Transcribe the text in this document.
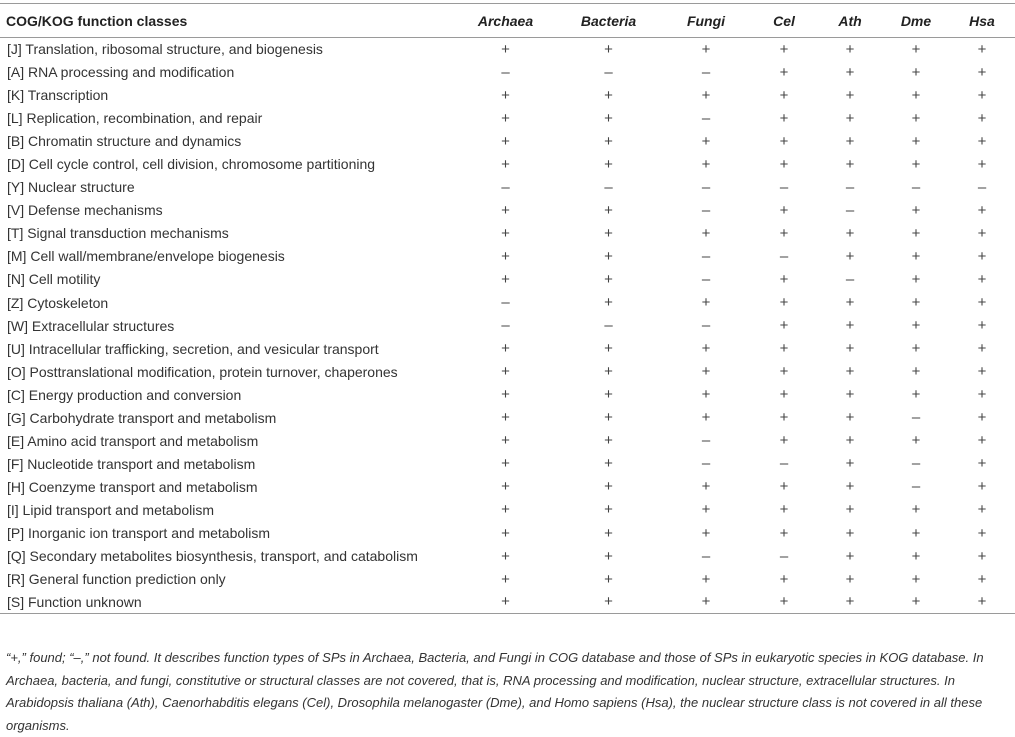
COG/KOG function classes	Archaea	Bacteria	Fungi	Cel	Ath	Dme	Hsa
[J] Translation, ribosomal structure, and biogenesis	+	+	+	+	+	+	+
[A] RNA processing and modification	–	–	–	+	+	+	+
[K] Transcription	+	+	+	+	+	+	+
[L] Replication, recombination, and repair	+	+	–	+	+	+	+
[B] Chromatin structure and dynamics	+	+	+	+	+	+	+
[D] Cell cycle control, cell division, chromosome partitioning	+	+	+	+	+	+	+
[Y] Nuclear structure	–	–	–	–	–	–	–
[V] Defense mechanisms	+	+	–	+	–	+	+
[T] Signal transduction mechanisms	+	+	+	+	+	+	+
[M] Cell wall/membrane/envelope biogenesis	+	+	–	–	+	+	+
[N] Cell motility	+	+	–	+	–	+	+
[Z] Cytoskeleton	–	+	+	+	+	+	+
[W] Extracellular structures	–	–	–	+	+	+	+
[U] Intracellular trafficking, secretion, and vesicular transport	+	+	+	+	+	+	+
[O] Posttranslational modification, protein turnover, chaperones	+	+	+	+	+	+	+
[C] Energy production and conversion	+	+	+	+	+	+	+
[G] Carbohydrate transport and metabolism	+	+	+	+	+	–	+
[E] Amino acid transport and metabolism	+	+	–	+	+	+	+
[F] Nucleotide transport and metabolism	+	+	–	–	+	–	+
[H] Coenzyme transport and metabolism	+	+	+	+	+	–	+
[I] Lipid transport and metabolism	+	+	+	+	+	+	+
[P] Inorganic ion transport and metabolism	+	+	+	+	+	+	+
[Q] Secondary metabolites biosynthesis, transport, and catabolism	+	+	–	–	+	+	+
[R] General function prediction only	+	+	+	+	+	+	+
[S] Function unknown	+	+	+	+	+	+	+
“+,” found; “–,” not found. It describes function types of SPs in Archaea, Bacteria, and Fungi in COG database and those of SPs in eukaryotic species in KOG database. In Archaea, bacteria, and fungi, constitutive or structural classes are not covered, that is, RNA processing and modification, nuclear structure, extracellular structures. In Arabidopsis thaliana (Ath), Caenorhabditis elegans (Cel), Drosophila melanogaster (Dme), and Homo sapiens (Hsa), the nuclear structure class is not covered in all these organisms.
